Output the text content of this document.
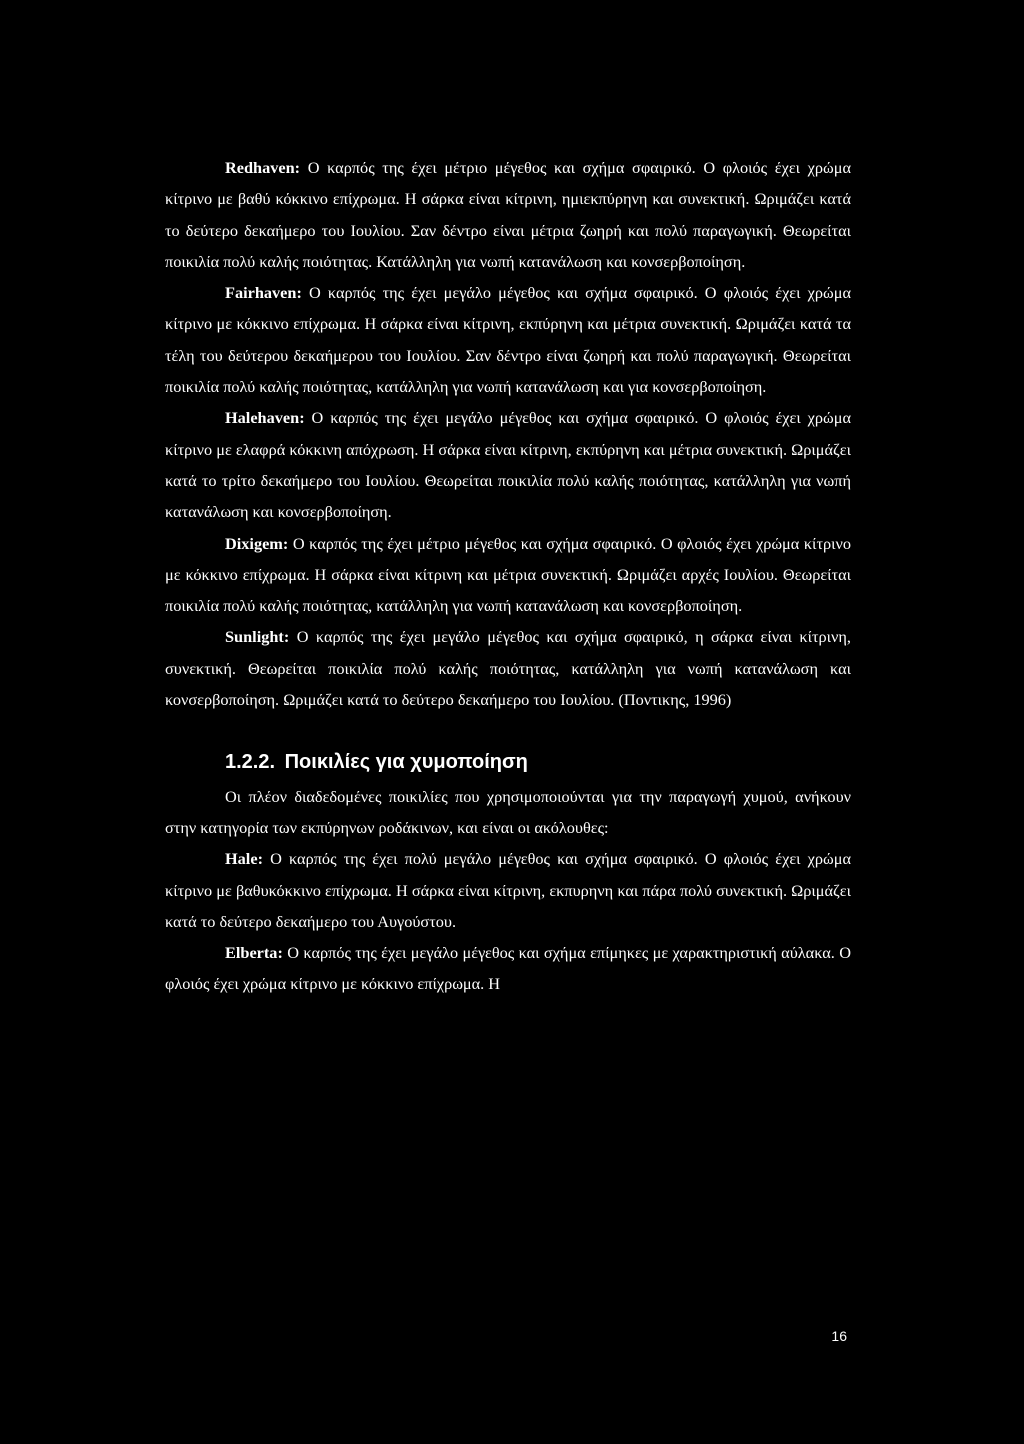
Redhaven: Ο καρπός της έχει μέτριο μέγεθος και σχήμα σφαιρικό. Ο φλοιός έχει χρώμα κίτρινο με βαθύ κόκκινο επίχρωμα. Η σάρκα είναι κίτρινη, ημιεκπύρηνη και συνεκτική. Ωριμάζει κατά το δεύτερο δεκαήμερο του Ιουλίου. Σαν δέντρο είναι μέτρια ζωηρή και πολύ παραγωγική. Θεωρείται ποικιλία πολύ καλής ποιότητας. Κατάλληλη για νωπή κατανάλωση και κονσερβοποίηση.

Fairhaven: Ο καρπός της έχει μεγάλο μέγεθος και σχήμα σφαιρικό. Ο φλοιός έχει χρώμα κίτρινο με κόκκινο επίχρωμα. Η σάρκα είναι κίτρινη, εκπύρηνη και μέτρια συνεκτική. Ωριμάζει κατά τα τέλη του δεύτερου δεκαήμερου του Ιουλίου. Σαν δέντρο είναι ζωηρή και πολύ παραγωγική. Θεωρείται ποικιλία πολύ καλής ποιότητας, κατάλληλη για νωπή κατανάλωση και για κονσερβοποίηση.

Halehaven: Ο καρπός της έχει μεγάλο μέγεθος και σχήμα σφαιρικό. Ο φλοιός έχει χρώμα κίτρινο με ελαφρά κόκκινη απόχρωση. Η σάρκα είναι κίτρινη, εκπύρηνη και μέτρια συνεκτική. Ωριμάζει κατά το τρίτο δεκαήμερο του Ιουλίου. Θεωρείται ποικιλία πολύ καλής ποιότητας, κατάλληλη για νωπή κατανάλωση και κονσερβοποίηση.

Dixigem: Ο καρπός της έχει μέτριο μέγεθος και σχήμα σφαιρικό. Ο φλοιός έχει χρώμα κίτρινο με κόκκινο επίχρωμα. Η σάρκα είναι κίτρινη και μέτρια συνεκτική. Ωριμάζει αρχές Ιουλίου. Θεωρείται ποικιλία πολύ καλής ποιότητας, κατάλληλη για νωπή κατανάλωση και κονσερβοποίηση.

Sunlight: Ο καρπός της έχει μεγάλο μέγεθος και σχήμα σφαιρικό, η σάρκα είναι κίτρινη, συνεκτική. Θεωρείται ποικιλία πολύ καλής ποιότητας, κατάλληλη για νωπή κατανάλωση και κονσερβοποίηση. Ωριμάζει κατά το δεύτερο δεκαήμερο του Ιουλίου. (Ποντικης, 1996)

1.2.2. Ποικιλίες για χυμοποίηση

Οι πλέον διαδεδομένες ποικιλίες που χρησιμοποιούνται για την παραγωγή χυμού, ανήκουν στην κατηγορία των εκπύρηνων ροδάκινων, και είναι οι ακόλουθες:

Hale: Ο καρπός της έχει πολύ μεγάλο μέγεθος και σχήμα σφαιρικό. Ο φλοιός έχει χρώμα κίτρινο με βαθυκόκκινο επίχρωμα. Η σάρκα είναι κίτρινη, εκπυρηνη και πάρα πολύ συνεκτική. Ωριμάζει κατά το δεύτερο δεκαήμερο του Αυγούστου.

Elberta: Ο καρπός της έχει μεγάλο μέγεθος και σχήμα επίμηκες με χαρακτηριστική αύλακα. Ο φλοιός έχει χρώμα κίτρινο με κόκκινο επίχρωμα. Η

16
